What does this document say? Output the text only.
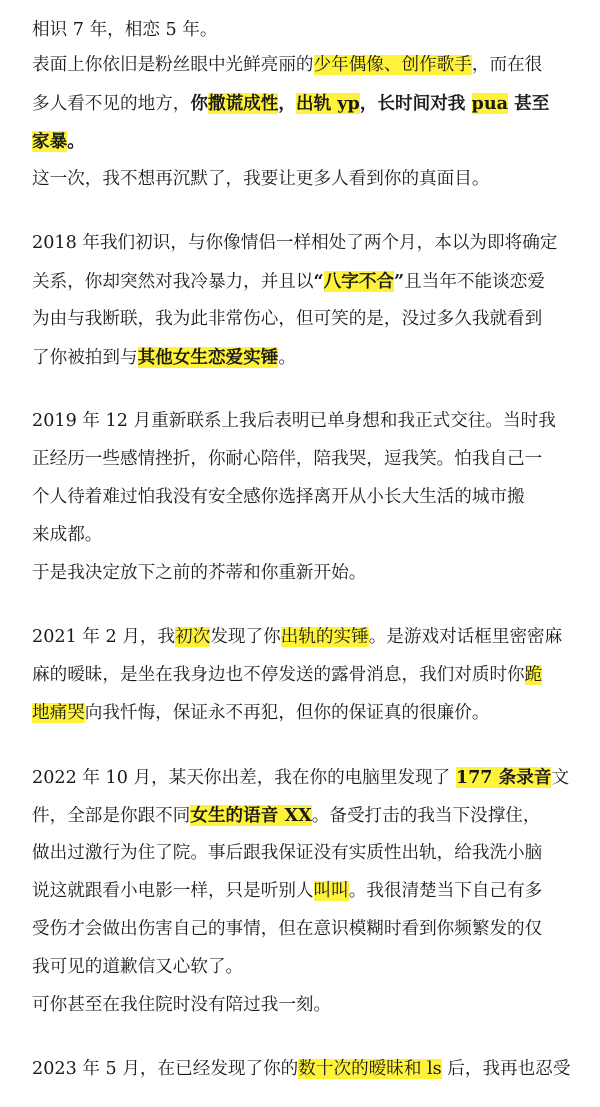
相识 7 年，相恋 5 年。

表面上你依旧是粉丝眼中光鲜亮丽的少年偶像、创作歌手，而在很

多人看不见的地方，你撒谎成性，出轨 yp，长时间对我 pua 甚至

家暴。

这一次，我不想再沉默了，我要让更多人看到你的真面目。

2018 年我们初识，与你像情侣一样相处了两个月，本以为即将确定

关系，你却突然对我冷暴力，并且以“八字不合”且当年不能谈恋爱

为由与我断联，我为此非常伤心，但可笑的是，没过多久我就看到

了你被拍到与其他女生恋爱实锤。

2019 年 12 月重新联系上我后表明已单身想和我正式交往。当时我

正经历一些感情挫折，你耐心陪伴，陪我哭，逗我笑。怕我自己一

个人待着难过怕我没有安全感你选择离开从小长大生活的城市搬

来成都。

于是我决定放下之前的芥蒂和你重新开始。

2021 年 2 月，我初次发现了你出轨的实锤。是游戏对话框里密密麻

麻的暧昧，是坐在我身边也不停发送的露骨消息，我们对质时你跪

地痛哭向我忏悔，保证永不再犯，但你的保证真的很廉价。

2022 年 10 月，某天你出差，我在你的电脑里发现了 177 条录音文

件，全部是你跟不同女生的语音 XX。备受打击的我当下没撑住，

做出过激行为住了院。事后跟我保证没有实质性出轨，给我洗小脑

说这就跟看小电影一样，只是听别人叫叫。我很清楚当下自己有多

受伤才会做出伤害自己的事情，但在意识模糊时看到你频繁发的仅

我可见的道歉信又心软了。

可你甚至在我住院时没有陪过我一刻。

2023 年 5 月，在已经发现了你的数十次的暧昧和 ls 后，我再也忍受
